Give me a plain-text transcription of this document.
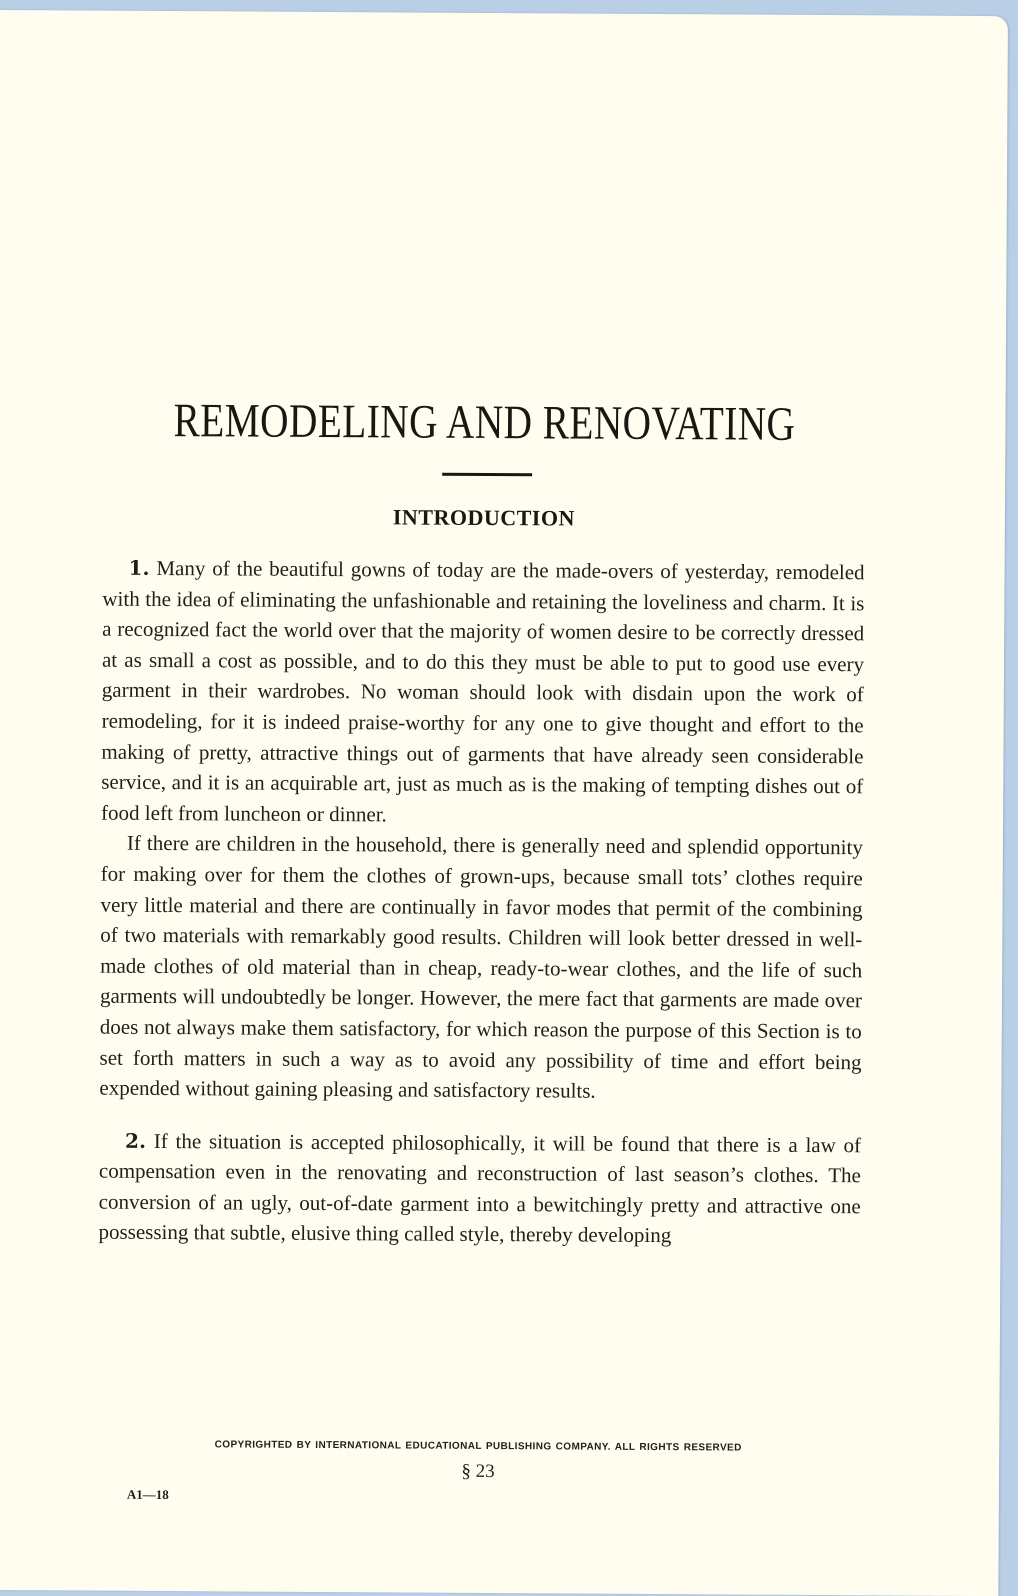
REMODELING AND RENOVATING
INTRODUCTION

1. Many of the beautiful gowns of today are the made-overs of yesterday, remodeled with the idea of eliminating the unfashionable and retaining the loveliness and charm. It is a recognized fact the world over that the majority of women desire to be correctly dressed at as small a cost as possible, and to do this they must be able to put to good use every garment in their wardrobes. No woman should look with disdain upon the work of remodeling, for it is indeed praise-worthy for any one to give thought and effort to the making of pretty, attractive things out of garments that have already seen considerable service, and it is an acquirable art, just as much as is the making of tempting dishes out of food left from luncheon or dinner.

If there are children in the household, there is generally need and splendid opportunity for making over for them the clothes of grown-ups, because small tots’ clothes require very little material and there are continually in favor modes that permit of the combining of two materials with remarkably good results. Children will look better dressed in well-made clothes of old material than in cheap, ready-to-wear clothes, and the life of such garments will undoubtedly be longer. However, the mere fact that garments are made over does not always make them satisfactory, for which reason the purpose of this Section is to set forth matters in such a way as to avoid any possibility of time and effort being expended without gaining pleasing and satisfactory results.

2. If the situation is accepted philosophically, it will be found that there is a law of compensation even in the renovating and reconstruction of last season’s clothes. The conversion of an ugly, out-of-date garment into a bewitchingly pretty and attractive one possessing that subtle, elusive thing called style, thereby developing

COPYRIGHTED BY INTERNATIONAL EDUCATIONAL PUBLISHING COMPANY. ALL RIGHTS RESERVED
§ 23
A1—18
